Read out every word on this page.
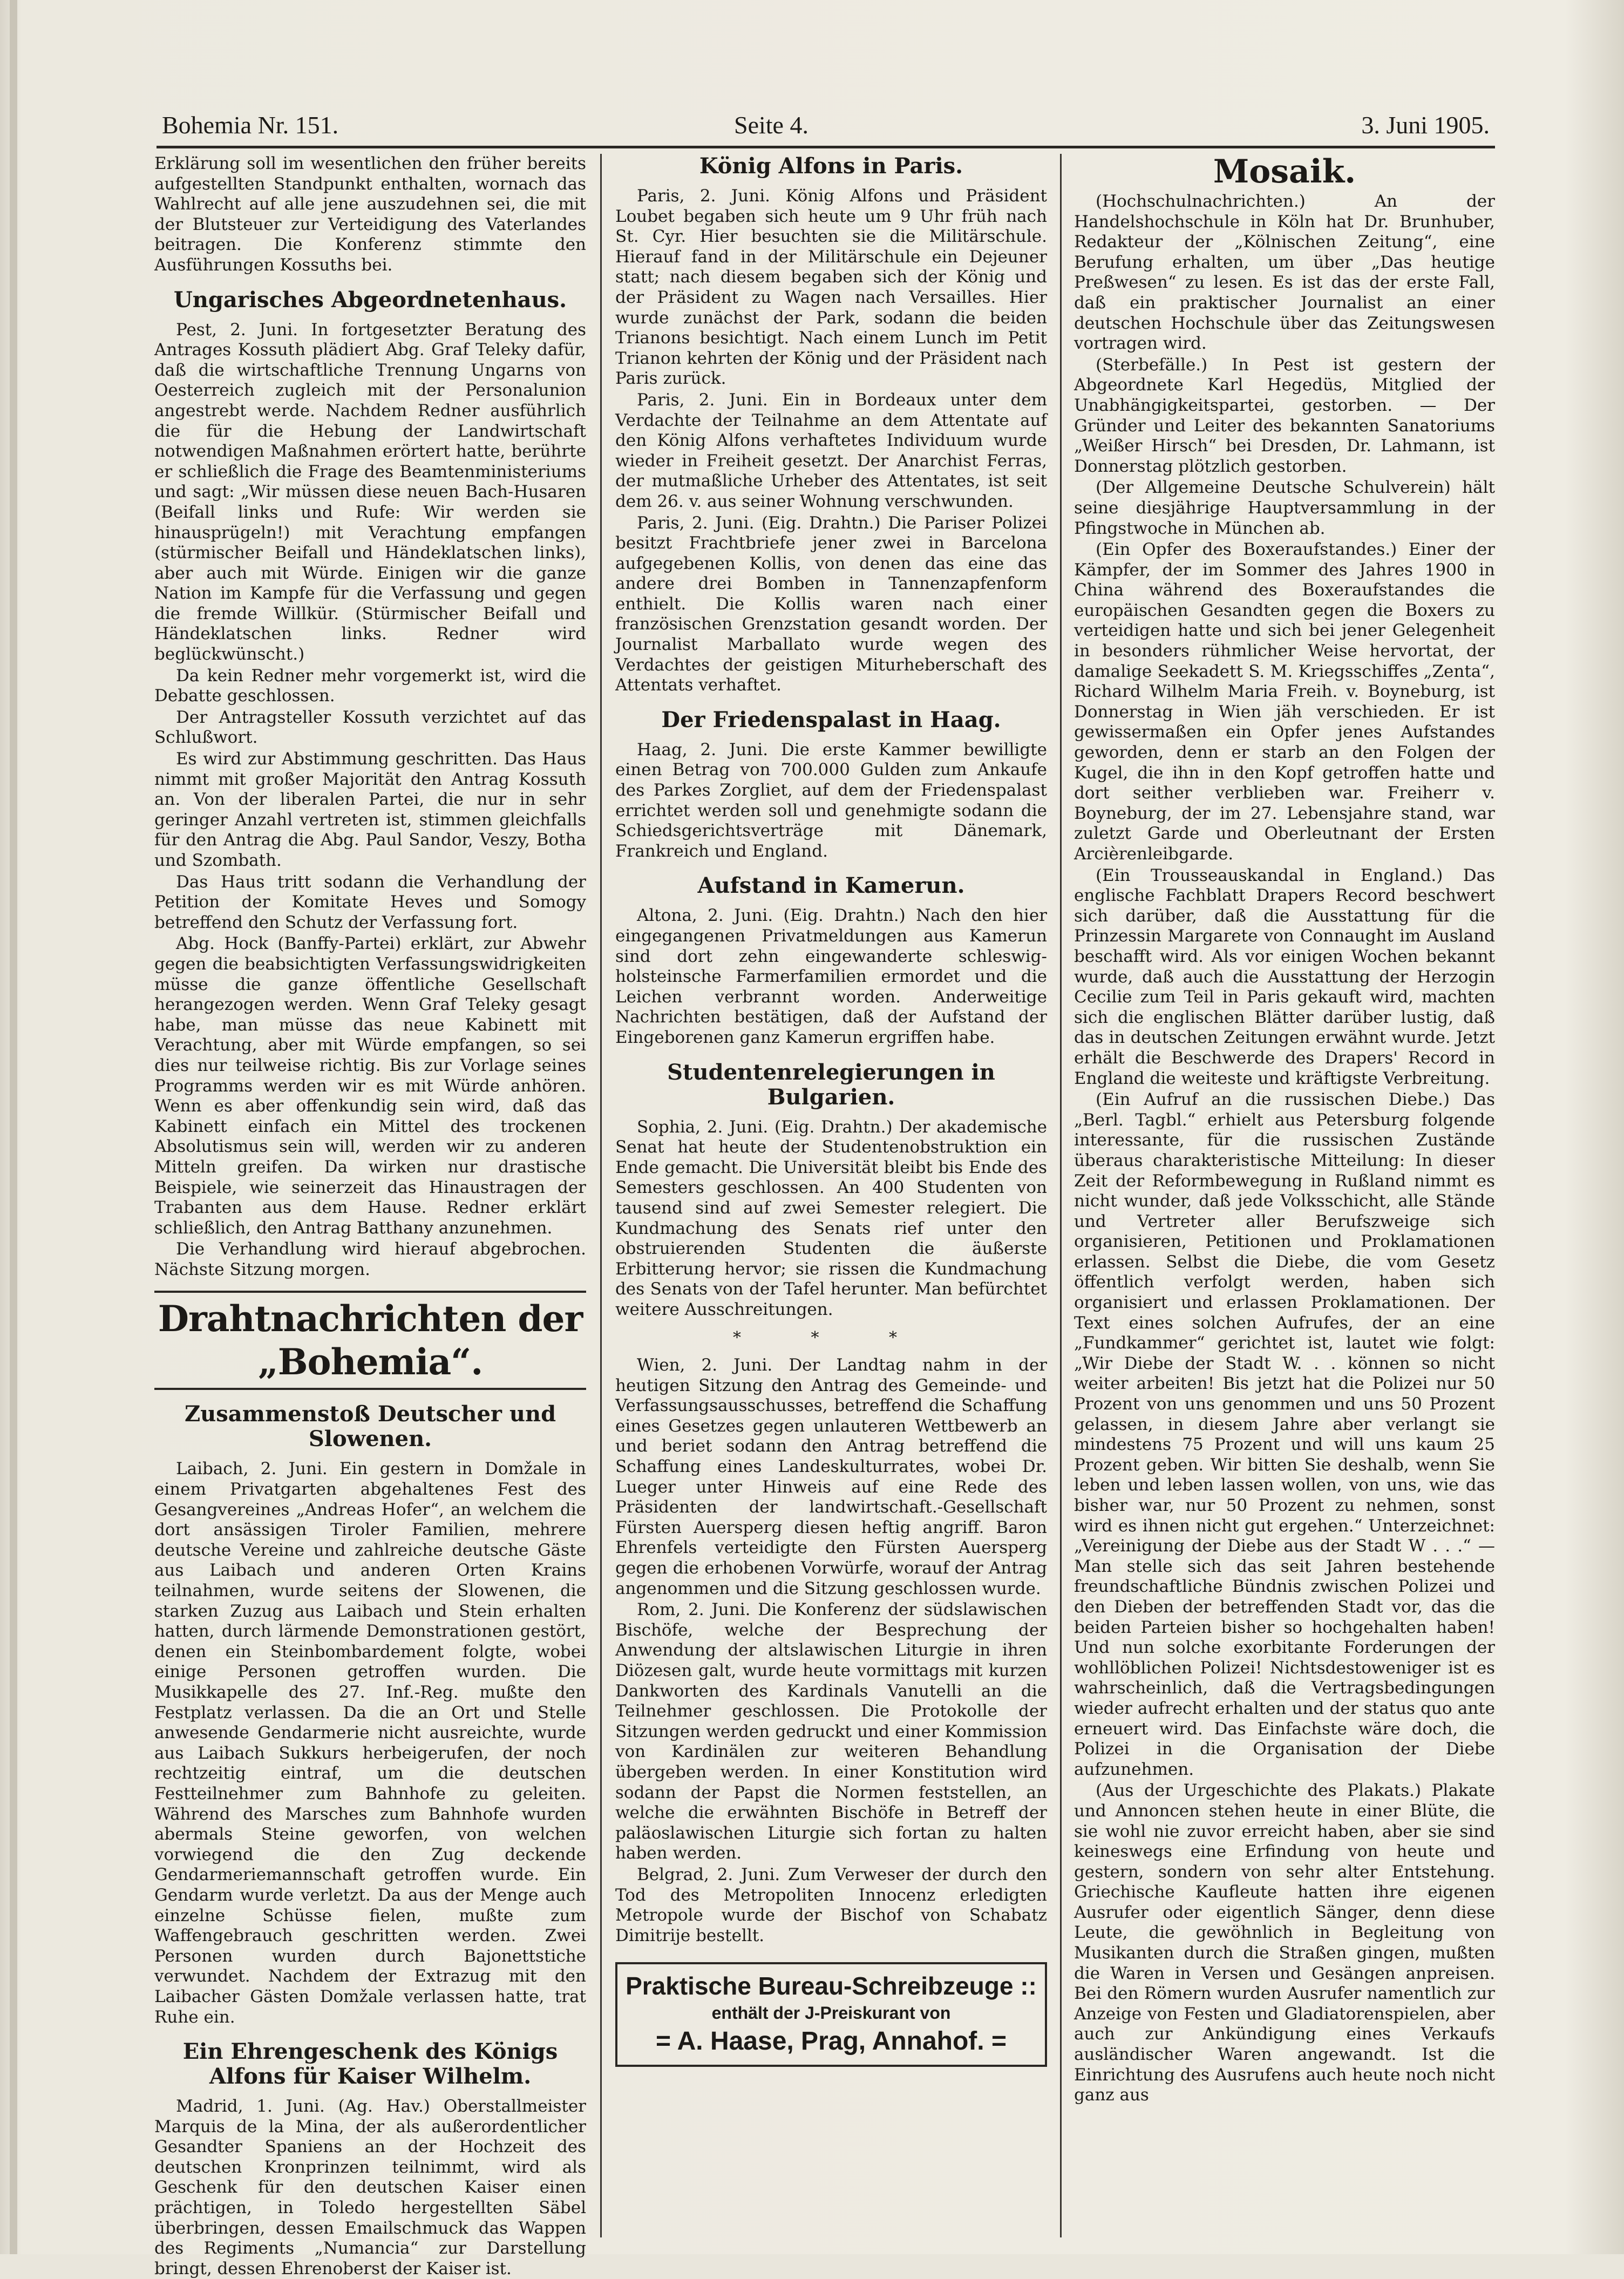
Bohemia Nr. 151.	Seite 4.	3. Juni 1905.

Erklärung soll im wesentlichen den früher bereits aufgestellten Standpunkt enthalten, wornach das Wahlrecht auf alle jene auszudehnen sei, die mit der Blutsteuer zur Verteidigung des Vaterlandes beitragen. Die Konferenz stimmte den Ausführungen Kossuths bei.

Ungarisches Abgeordnetenhaus.

Pest, 2. Juni. In fortgesetzter Beratung des Antrages Kossuth plädiert Abg. Graf Teleky dafür, daß die wirtschaftliche Trennung Ungarns von Oesterreich zugleich mit der Personalunion angestrebt werde. Nachdem Redner ausführlich die für die Hebung der Landwirtschaft notwendigen Maßnahmen erörtert hatte, berührte er schließlich die Frage des Beamtenministeriums und sagt: „Wir müssen diese neuen Bach-Husaren (Beifall links und Rufe: Wir werden sie hinausprügeln!) mit Verachtung empfangen (stürmischer Beifall und Händeklatschen links), aber auch mit Würde. Einigen wir die ganze Nation im Kampfe für die Verfassung und gegen die fremde Willkür. (Stürmischer Beifall und Händeklatschen links. Redner wird beglückwünscht.)

Da kein Redner mehr vorgemerkt ist, wird die Debatte geschlossen.

Der Antragsteller Kossuth verzichtet auf das Schlußwort.

Es wird zur Abstimmung geschritten. Das Haus nimmt mit großer Majorität den Antrag Kossuth an. Von der liberalen Partei, die nur in sehr geringer Anzahl vertreten ist, stimmen gleichfalls für den Antrag die Abg. Paul Sandor, Veszy, Botha und Szombath.

Das Haus tritt sodann die Verhandlung der Petition der Komitate Heves und Somogy betreffend den Schutz der Verfassung fort.

Abg. Hock (Banffy-Partei) erklärt, zur Abwehr gegen die beabsichtigten Verfassungswidrigkeiten müsse die ganze öffentliche Gesellschaft herangezogen werden. Wenn Graf Teleky gesagt habe, man müsse das neue Kabinett mit Verachtung, aber mit Würde empfangen, so sei dies nur teilweise richtig. Bis zur Vorlage seines Programms werden wir es mit Würde anhören. Wenn es aber offenkundig sein wird, daß das Kabinett einfach ein Mittel des trockenen Absolutismus sein will, werden wir zu anderen Mitteln greifen. Da wirken nur drastische Beispiele, wie seinerzeit das Hinaustragen der Trabanten aus dem Hause. Redner erklärt schließlich, den Antrag Batthany anzunehmen.

Die Verhandlung wird hierauf abgebrochen. Nächste Sitzung morgen.

Drahtnachrichten der „Bohemia“.
Zusammenstoß Deutscher und Slowenen.

Laibach, 2. Juni. Ein gestern in Domžale in einem Privatgarten abgehaltenes Fest des Gesangvereines „Andreas Hofer“, an welchem die dort ansässigen Tiroler Familien, mehrere deutsche Vereine und zahlreiche deutsche Gäste aus Laibach und anderen Orten Krains teilnahmen, wurde seitens der Slowenen, die starken Zuzug aus Laibach und Stein erhalten hatten, durch lärmende Demonstrationen gestört, denen ein Steinbombardement folgte, wobei einige Personen getroffen wurden. Die Musikkapelle des 27. Inf.-Reg. mußte den Festplatz verlassen. Da die an Ort und Stelle anwesende Gendarmerie nicht ausreichte, wurde aus Laibach Sukkurs herbeigerufen, der noch rechtzeitig eintraf, um die deutschen Festteilnehmer zum Bahnhofe zu geleiten. Während des Marsches zum Bahnhofe wurden abermals Steine geworfen, von welchen vorwiegend die den Zug deckende Gendarmeriemannschaft getroffen wurde. Ein Gendarm wurde verletzt. Da aus der Menge auch einzelne Schüsse fielen, mußte zum Waffengebrauch geschritten werden. Zwei Personen wurden durch Bajonettstiche verwundet. Nachdem der Extrazug mit den Laibacher Gästen Domžale verlassen hatte, trat Ruhe ein.

Ein Ehrengeschenk des Königs Alfons für Kaiser Wilhelm.

Madrid, 1. Juni. (Ag. Hav.) Oberstallmeister Marquis de la Mina, der als außerordentlicher Gesandter Spaniens an der Hochzeit des deutschen Kronprinzen teilnimmt, wird als Geschenk für den deutschen Kaiser einen prächtigen, in Toledo hergestellten Säbel überbringen, dessen Emailschmuck das Wappen des Regiments „Numancia“ zur Darstellung bringt, dessen Ehrenoberst der Kaiser ist.

König Alfons in Paris.

Paris, 2. Juni. König Alfons und Präsident Loubet begaben sich heute um 9 Uhr früh nach St. Cyr. Hier besuchten sie die Militärschule. Hierauf fand in der Militärschule ein Dejeuner statt; nach diesem begaben sich der König und der Präsident zu Wagen nach Versailles. Hier wurde zunächst der Park, sodann die beiden Trianons besichtigt. Nach einem Lunch im Petit Trianon kehrten der König und der Präsident nach Paris zurück.

Paris, 2. Juni. Ein in Bordeaux unter dem Verdachte der Teilnahme an dem Attentate auf den König Alfons verhaftetes Individuum wurde wieder in Freiheit gesetzt. Der Anarchist Ferras, der mutmaßliche Urheber des Attentates, ist seit dem 26. v. aus seiner Wohnung verschwunden.

Paris, 2. Juni. (Eig. Drahtn.) Die Pariser Polizei besitzt Frachtbriefe jener zwei in Barcelona aufgegebenen Kollis, von denen das eine das andere drei Bomben in Tannenzapfenform enthielt. Die Kollis waren nach einer französischen Grenzstation gesandt worden. Der Journalist Marballato wurde wegen des Verdachtes der geistigen Miturheberschaft des Attentats verhaftet.

Der Friedenspalast in Haag.

Haag, 2. Juni. Die erste Kammer bewilligte einen Betrag von 700.000 Gulden zum Ankaufe des Parkes Zorgliet, auf dem der Friedenspalast errichtet werden soll und genehmigte sodann die Schiedsgerichtsverträge mit Dänemark, Frankreich und England.

Aufstand in Kamerun.

Altona, 2. Juni. (Eig. Drahtn.) Nach den hier eingegangenen Privatmeldungen aus Kamerun sind dort zehn eingewanderte schleswig-holsteinsche Farmerfamilien ermordet und die Leichen verbrannt worden. Anderweitige Nachrichten bestätigen, daß der Aufstand der Eingeborenen ganz Kamerun ergriffen habe.

Studentenrelegierungen in Bulgarien.

Sophia, 2. Juni. (Eig. Drahtn.) Der akademische Senat hat heute der Studentenobstruktion ein Ende gemacht. Die Universität bleibt bis Ende des Semesters geschlossen. An 400 Studenten von tausend sind auf zwei Semester relegiert. Die Kundmachung des Senats rief unter den obstruierenden Studenten die äußerste Erbitterung hervor; sie rissen die Kundmachung des Senats von der Tafel herunter. Man befürchtet weitere Ausschreitungen.

* * *

Wien, 2. Juni. Der Landtag nahm in der heutigen Sitzung den Antrag des Gemeinde- und Verfassungsausschusses, betreffend die Schaffung eines Gesetzes gegen unlauteren Wettbewerb an und beriet sodann den Antrag betreffend die Schaffung eines Landeskulturrates, wobei Dr. Lueger unter Hinweis auf eine Rede des Präsidenten der landwirtschaft.-Gesellschaft Fürsten Auersperg diesen heftig angriff. Baron Ehrenfels verteidigte den Fürsten Auersperg gegen die erhobenen Vorwürfe, worauf der Antrag angenommen und die Sitzung geschlossen wurde.

Rom, 2. Juni. Die Konferenz der südslawischen Bischöfe, welche der Besprechung der Anwendung der altslawischen Liturgie in ihren Diözesen galt, wurde heute vormittags mit kurzen Dankworten des Kardinals Vanutelli an die Teilnehmer geschlossen. Die Protokolle der Sitzungen werden gedruckt und einer Kommission von Kardinälen zur weiteren Behandlung übergeben werden. In einer Konstitution wird sodann der Papst die Normen feststellen, an welche die erwähnten Bischöfe in Betreff der paläoslawischen Liturgie sich fortan zu halten haben werden.

Belgrad, 2. Juni. Zum Verweser der durch den Tod des Metropoliten Innocenz erledigten Metropole wurde der Bischof von Schabatz Dimitrije bestellt.

Praktische Bureau-Schreibzeuge ::
enthält der J-Preiskurant von
= A. Haase, Prag, Annahof. =
Mosaik.

(Hochschulnachrichten.) An der Handelshochschule in Köln hat Dr. Brunhuber, Redakteur der „Kölnischen Zeitung“, eine Berufung erhalten, um über „Das heutige Preßwesen“ zu lesen. Es ist das der erste Fall, daß ein praktischer Journalist an einer deutschen Hochschule über das Zeitungswesen vortragen wird.

(Sterbefälle.) In Pest ist gestern der Abgeordnete Karl Hegedüs, Mitglied der Unabhängigkeitspartei, gestorben. — Der Gründer und Leiter des bekannten Sanatoriums „Weißer Hirsch“ bei Dresden, Dr. Lahmann, ist Donnerstag plötzlich gestorben.

(Der Allgemeine Deutsche Schulverein) hält seine diesjährige Hauptversammlung in der Pfingstwoche in München ab.

(Ein Opfer des Boxeraufstandes.) Einer der Kämpfer, der im Sommer des Jahres 1900 in China während des Boxeraufstandes die europäischen Gesandten gegen die Boxers zu verteidigen hatte und sich bei jener Gelegenheit in besonders rühmlicher Weise hervortat, der damalige Seekadett S. M. Kriegsschiffes „Zenta“, Richard Wilhelm Maria Freih. v. Boyneburg, ist Donnerstag in Wien jäh verschieden. Er ist gewissermaßen ein Opfer jenes Aufstandes geworden, denn er starb an den Folgen der Kugel, die ihn in den Kopf getroffen hatte und dort seither verblieben war. Freiherr v. Boyneburg, der im 27. Lebensjahre stand, war zuletzt Garde und Oberleutnant der Ersten Arcièrenleibgarde.

(Ein Trousseauskandal in England.) Das englische Fachblatt Drapers Record beschwert sich darüber, daß die Ausstattung für die Prinzessin Margarete von Connaught im Ausland beschafft wird. Als vor einigen Wochen bekannt wurde, daß auch die Ausstattung der Herzogin Cecilie zum Teil in Paris gekauft wird, machten sich die englischen Blätter darüber lustig, daß das in deutschen Zeitungen erwähnt wurde. Jetzt erhält die Beschwerde des Drapers' Record in England die weiteste und kräftigste Verbreitung.

(Ein Aufruf an die russischen Diebe.) Das „Berl. Tagbl.“ erhielt aus Petersburg folgende interessante, für die russischen Zustände überaus charakteristische Mitteilung: In dieser Zeit der Reformbewegung in Rußland nimmt es nicht wunder, daß jede Volksschicht, alle Stände und Vertreter aller Berufszweige sich organisieren, Petitionen und Proklamationen erlassen. Selbst die Diebe, die vom Gesetz öffentlich verfolgt werden, haben sich organisiert und erlassen Proklamationen. Der Text eines solchen Aufrufes, der an eine „Fundkammer“ gerichtet ist, lautet wie folgt: „Wir Diebe der Stadt W. . . können so nicht weiter arbeiten! Bis jetzt hat die Polizei nur 50 Prozent von uns genommen und uns 50 Prozent gelassen, in diesem Jahre aber verlangt sie mindestens 75 Prozent und will uns kaum 25 Prozent geben. Wir bitten Sie deshalb, wenn Sie leben und leben lassen wollen, von uns, wie das bisher war, nur 50 Prozent zu nehmen, sonst wird es ihnen nicht gut ergehen.“ Unterzeichnet: „Vereinigung der Diebe aus der Stadt W . . .“ — Man stelle sich das seit Jahren bestehende freundschaftliche Bündnis zwischen Polizei und den Dieben der betreffenden Stadt vor, das die beiden Parteien bisher so hochgehalten haben! Und nun solche exorbitante Forderungen der wohllöblichen Polizei! Nichtsdestoweniger ist es wahrscheinlich, daß die Vertragsbedingungen wieder aufrecht erhalten und der status quo ante erneuert wird. Das Einfachste wäre doch, die Polizei in die Organisation der Diebe aufzunehmen.

(Aus der Urgeschichte des Plakats.) Plakate und Annoncen stehen heute in einer Blüte, die sie wohl nie zuvor erreicht haben, aber sie sind keineswegs eine Erfindung von heute und gestern, sondern von sehr alter Entstehung. Griechische Kaufleute hatten ihre eigenen Ausrufer oder eigentlich Sänger, denn diese Leute, die gewöhnlich in Begleitung von Musikanten durch die Straßen gingen, mußten die Waren in Versen und Gesängen anpreisen. Bei den Römern wurden Ausrufer namentlich zur Anzeige von Festen und Gladiatorenspielen, aber auch zur Ankündigung eines Verkaufs ausländischer Waren angewandt. Ist die Einrichtung des Ausrufens auch heute noch nicht ganz aus
